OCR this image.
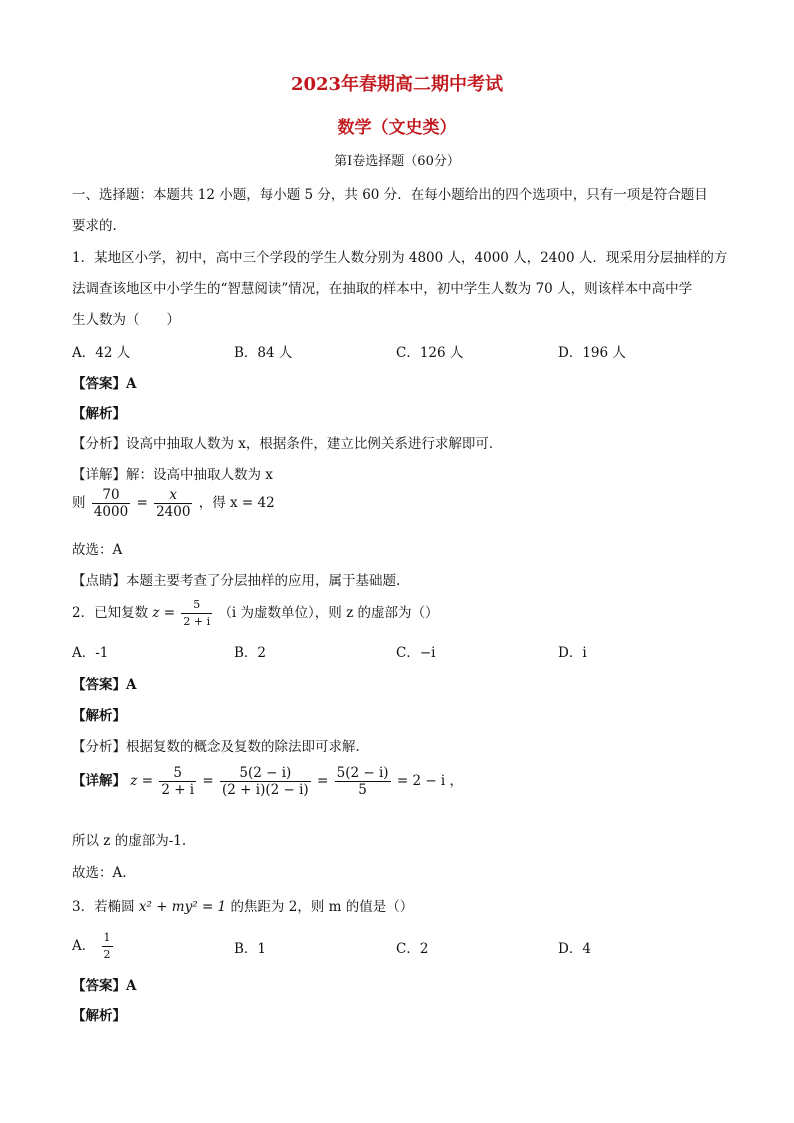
2023年春期高二期中考试
数学（文史类）
第Ⅰ卷选择题（60分）
一、选择题：本题共 12 小题，每小题 5 分，共 60 分．在每小题给出的四个选项中，只有一项是符合题目
要求的.
1．某地区小学，初中，高中三个学段的学生人数分别为 4800 人，4000 人，2400 人．现采用分层抽样的方
法调查该地区中小学生的“智慧阅读”情况，在抽取的样本中，初中学生人数为 70 人，则该样本中高中学
生人数为（　　）
A．42 人	B．84 人	C．126 人	D．196 人
【答案】A
【解析】
【分析】设高中抽取人数为 x，根据条件，建立比例关系进行求解即可．
【详解】解：设高中抽取人数为 x
则 $\frac{70}{4000} = \frac{x}{2400}$ ，得 x = 42
故选：A
【点睛】本题主要考查了分层抽样的应用，属于基础题.
2．已知复数 $z = \frac{5}{2 + i} (i$ 为虚数单位），则 z 的虚部为（）
A．-1	B．2	C．−i	D．i
【答案】A
【解析】
【分析】根据复数的概念及复数的除法即可求解.
【详解】 $z = \frac{5}{2 + i} = \frac{5(2 - i)}{(2 + i)(2 - i)} = \frac{5(2 - i)}{5} = 2 - i$ ，
所以 z 的虚部为-1.
故选：A.
3．若椭圆 x² + my² = 1 的焦距为 2，则 m 的值是（）
A． $\frac{1}{2}$	B．1	C．2	D．4
【答案】A
【解析】
